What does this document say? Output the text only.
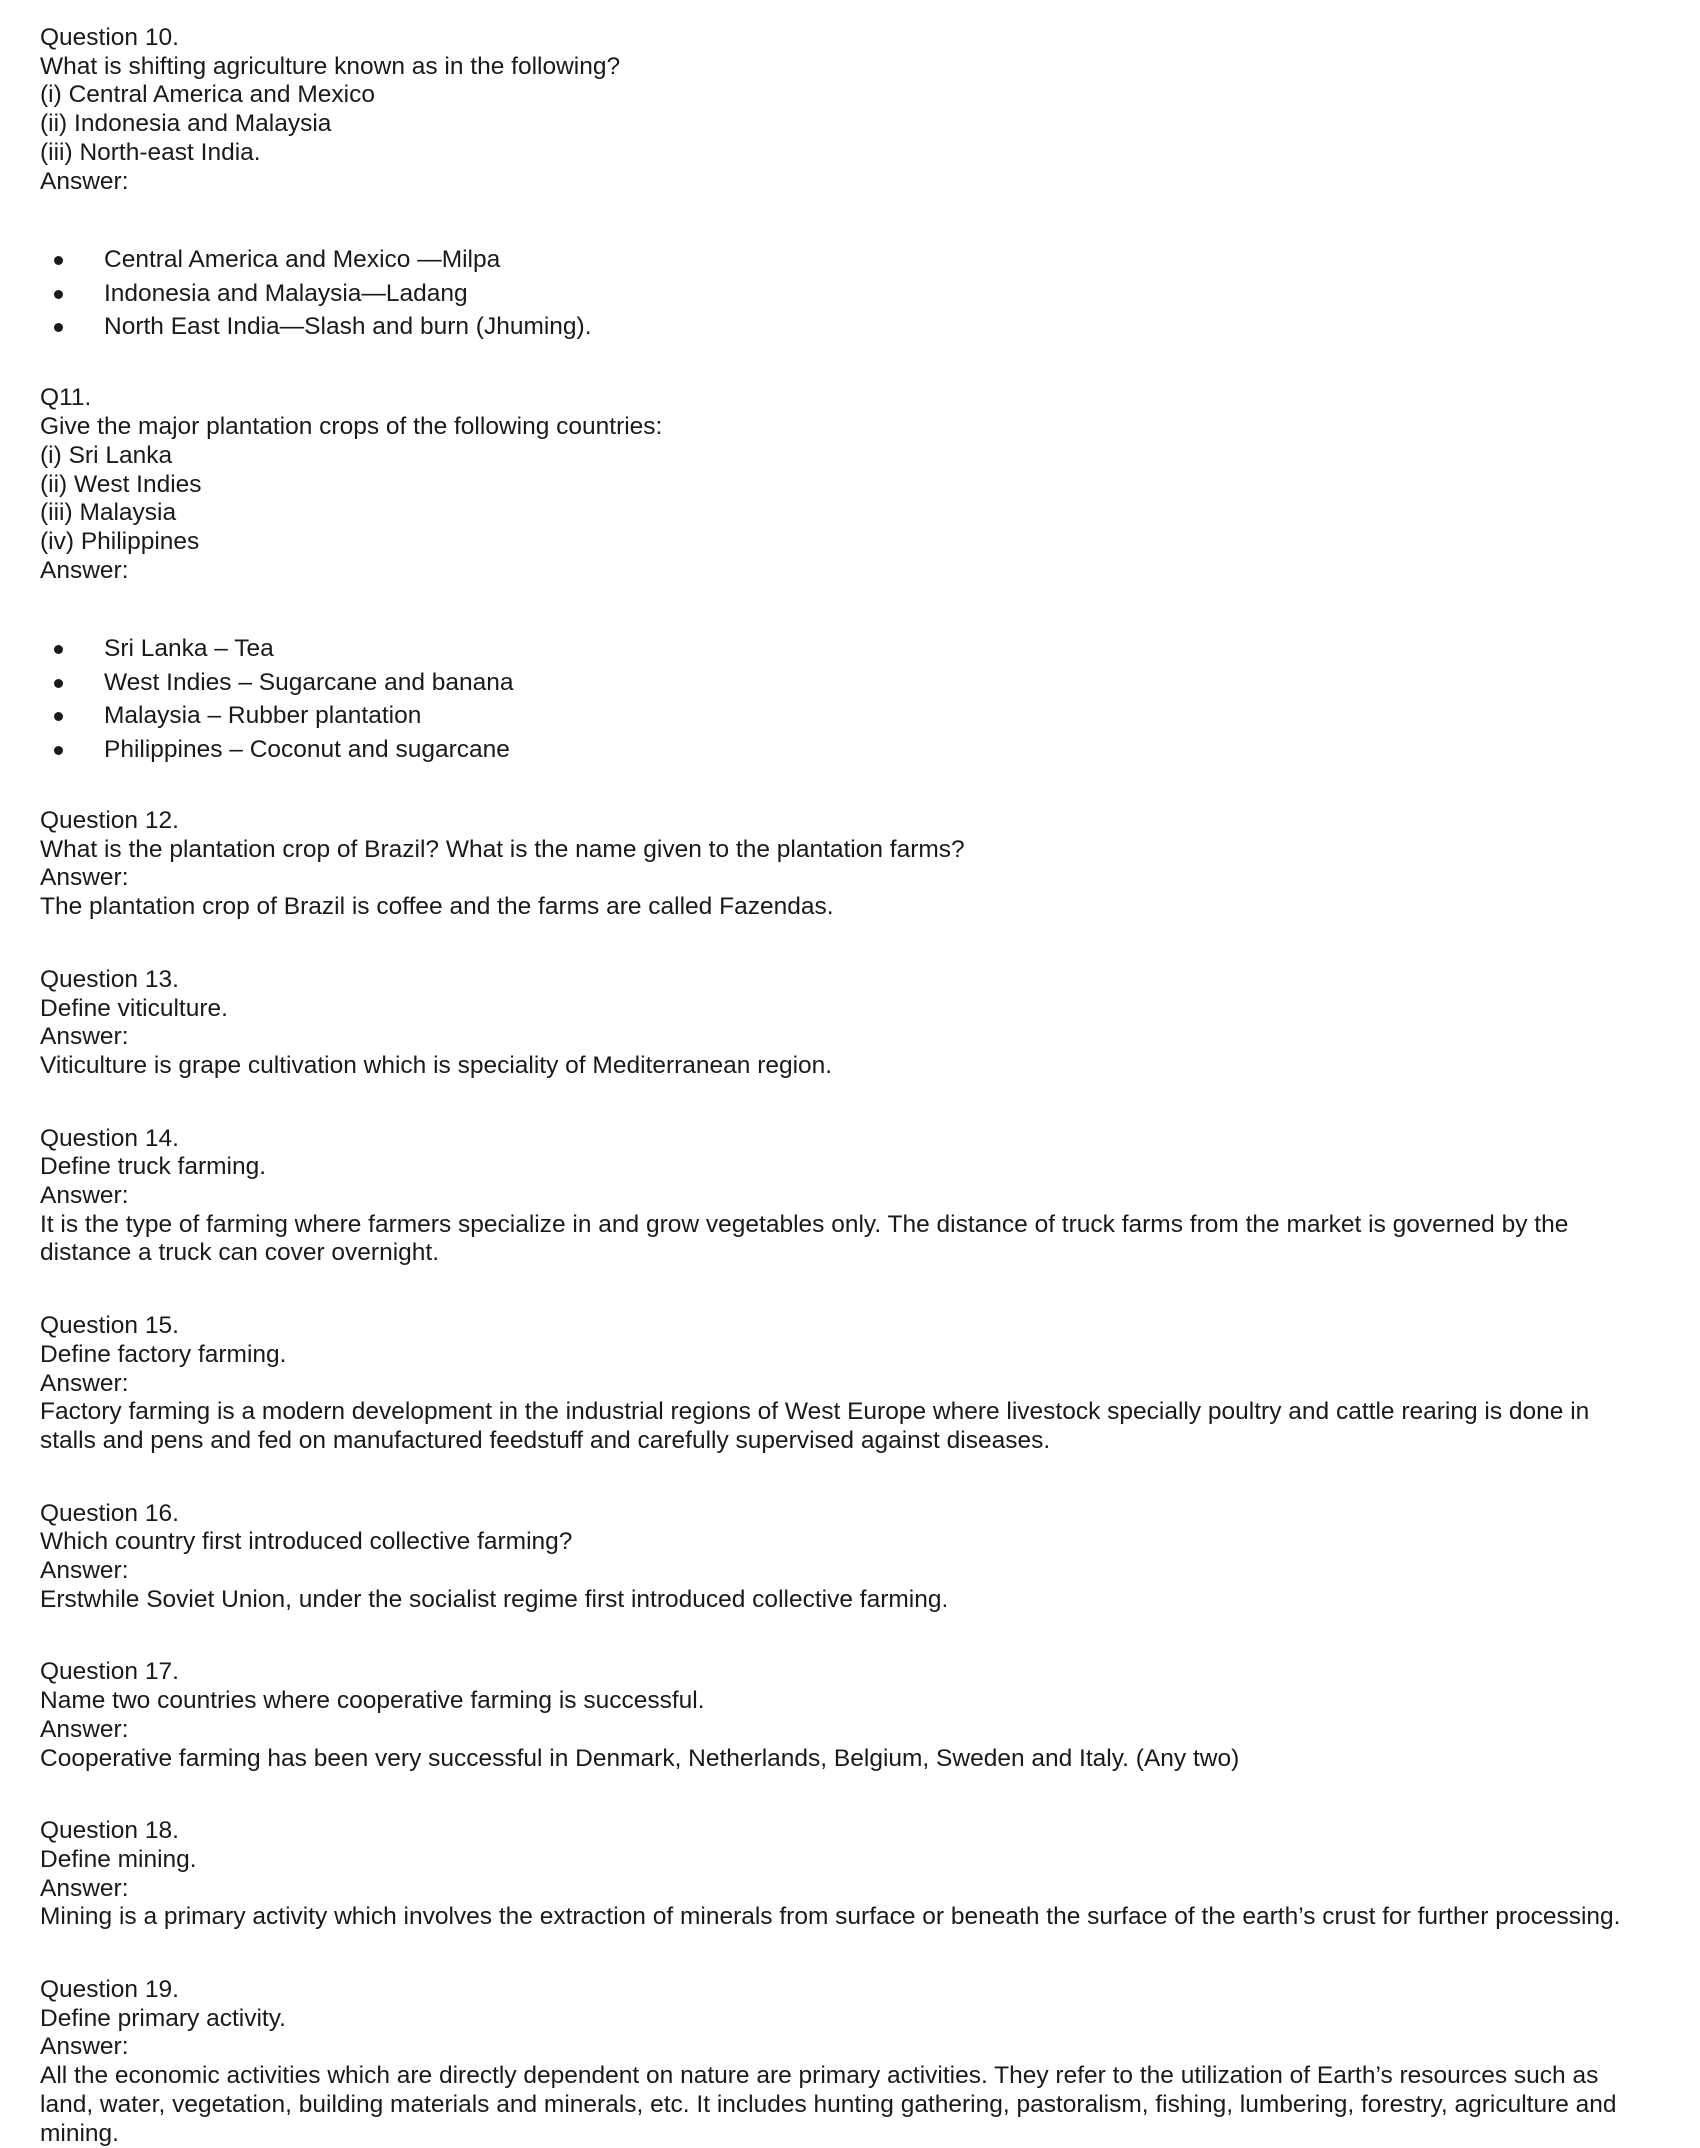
Question 10.

What is shifting agriculture known as in the following?

(i) Central America and Mexico

(ii) Indonesia and Malaysia

(iii) North-east India.

Answer:

Central America and Mexico —Milpa
Indonesia and Malaysia—Ladang
North East India—Slash and burn (Jhuming).

Q11.

Give the major plantation crops of the following countries:

(i) Sri Lanka

(ii) West Indies

(iii) Malaysia

(iv) Philippines

Answer:

Sri Lanka – Tea
West Indies – Sugarcane and banana
Malaysia – Rubber plantation
Philippines – Coconut and sugarcane

Question 12.

What is the plantation crop of Brazil? What is the name given to the plantation farms?

Answer:

The plantation crop of Brazil is coffee and the farms are called Fazendas.

Question 13.

Define viticulture.

Answer:

Viticulture is grape cultivation which is speciality of Mediterranean region.

Question 14.

Define truck farming.

Answer:

It is the type of farming where farmers specialize in and grow vegetables only. The distance of truck farms from the market is governed by the

distance a truck can cover overnight.

Question 15.

Define factory farming.

Answer:

Factory farming is a modern development in the industrial regions of West Europe where livestock specially poultry and cattle rearing is done in

stalls and pens and fed on manufactured feedstuff and carefully supervised against diseases.

Question 16.

Which country first introduced collective farming?

Answer:

Erstwhile Soviet Union, under the socialist regime first introduced collective farming.

Question 17.

Name two countries where cooperative farming is successful.

Answer:

Cooperative farming has been very successful in Denmark, Netherlands, Belgium, Sweden and Italy. (Any two)

Question 18.

Define mining.

Answer:

Mining is a primary activity which involves the extraction of minerals from surface or beneath the surface of the earth’s crust for further processing.

Question 19.

Define primary activity.

Answer:

All the economic activities which are directly dependent on nature are primary activities. They refer to the utilization of Earth’s resources such as

land, water, vegetation, building materials and minerals, etc. It includes hunting gathering, pastoralism, fishing, lumbering, forestry, agriculture and

mining.
